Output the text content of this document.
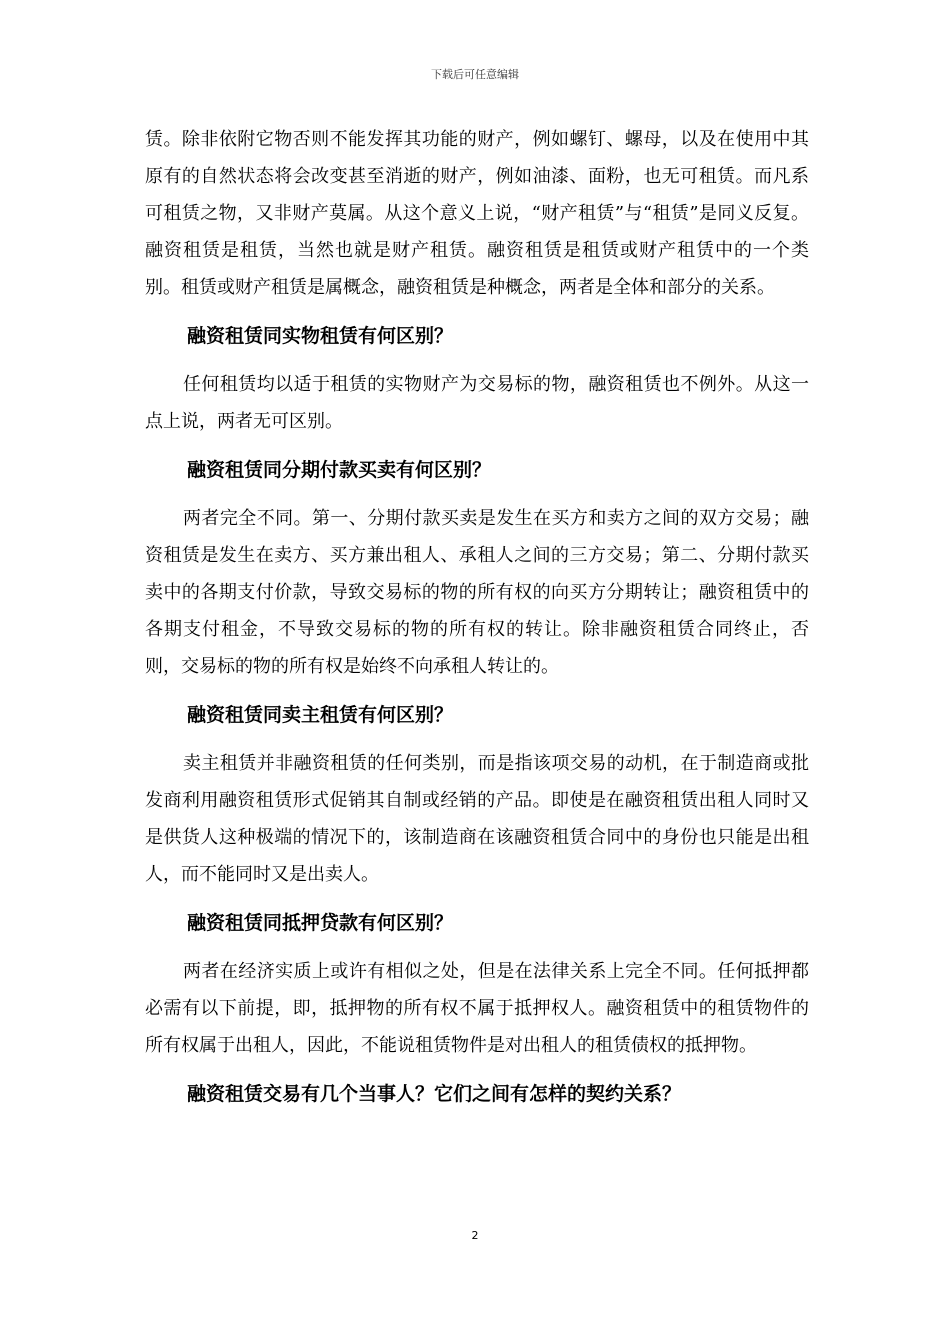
下载后可任意编辑

赁。除非依附它物否则不能发挥其功能的财产，例如螺钉、螺母，以及在使用中其原有的自然状态将会改变甚至消逝的财产，例如油漆、面粉，也无可租赁。而凡系可租赁之物，又非财产莫属。从这个意义上说，“财产租赁”与“租赁”是同义反复。融资租赁是租赁，当然也就是财产租赁。融资租赁是租赁或财产租赁中的一个类别。租赁或财产租赁是属概念，融资租赁是种概念，两者是全体和部分的关系。

融资租赁同实物租赁有何区别？

任何租赁均以适于租赁的实物财产为交易标的物，融资租赁也不例外。从这一点上说，两者无可区别。

融资租赁同分期付款买卖有何区别？

两者完全不同。第一、分期付款买卖是发生在买方和卖方之间的双方交易；融资租赁是发生在卖方、买方兼出租人、承租人之间的三方交易；第二、分期付款买卖中的各期支付价款，导致交易标的物的所有权的向买方分期转让；融资租赁中的各期支付租金，不导致交易标的物的所有权的转让。除非融资租赁合同终止，否则，交易标的物的所有权是始终不向承租人转让的。

融资租赁同卖主租赁有何区别？

卖主租赁并非融资租赁的任何类别，而是指该项交易的动机，在于制造商或批发商利用融资租赁形式促销其自制或经销的产品。即使是在融资租赁出租人同时又是供货人这种极端的情况下的，该制造商在该融资租赁合同中的身份也只能是出租人，而不能同时又是出卖人。

融资租赁同抵押贷款有何区别？

两者在经济实质上或许有相似之处，但是在法律关系上完全不同。任何抵押都必需有以下前提，即，抵押物的所有权不属于抵押权人。融资租赁中的租赁物件的所有权属于出租人，因此，不能说租赁物件是对出租人的租赁债权的抵押物。

融资租赁交易有几个当事人？它们之间有怎样的契约关系？
2
